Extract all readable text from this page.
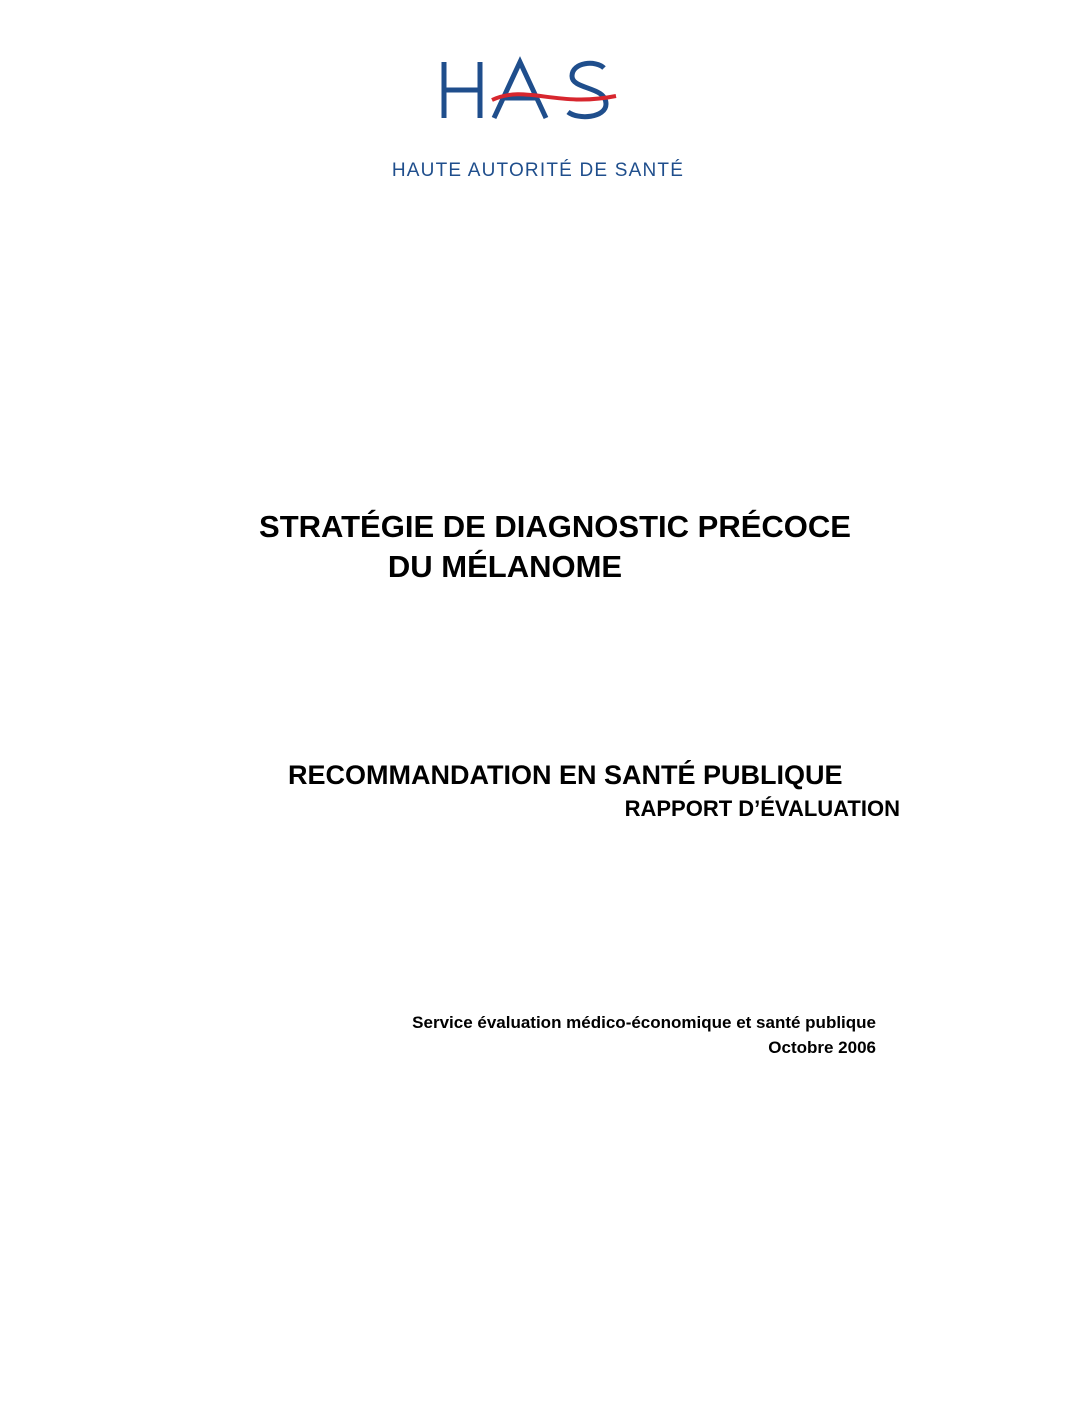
HAUTE AUTORITÉ DE SANTÉ
STRATÉGIE DE DIAGNOSTIC PRÉCOCE
DU MÉLANOME
RECOMMANDATION EN SANTÉ PUBLIQUE
RAPPORT D’ÉVALUATION
Service évaluation médico-économique et santé publique
Octobre 2006
